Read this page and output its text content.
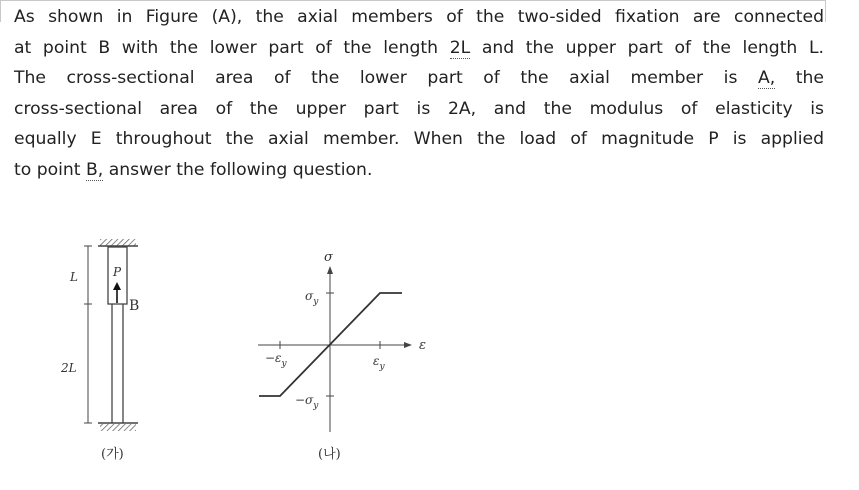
As shown in Figure (A), the axial members of the two-sided fixation are connected
at point B with the lower part of the length 2L and the upper part of the length L.
The cross-sectional area of the lower part of the axial member is A, the
cross-sectional area of the upper part is 2A, and the modulus of elasticity is
equally E throughout the axial member. When the load of magnitude P is applied
to point B, answer the following question.
L
2L
P
B
(가)
σ
ε
$\sigma_y$
$-\sigma_y$
$\varepsilon_y$
$-\varepsilon_y$
(나)
